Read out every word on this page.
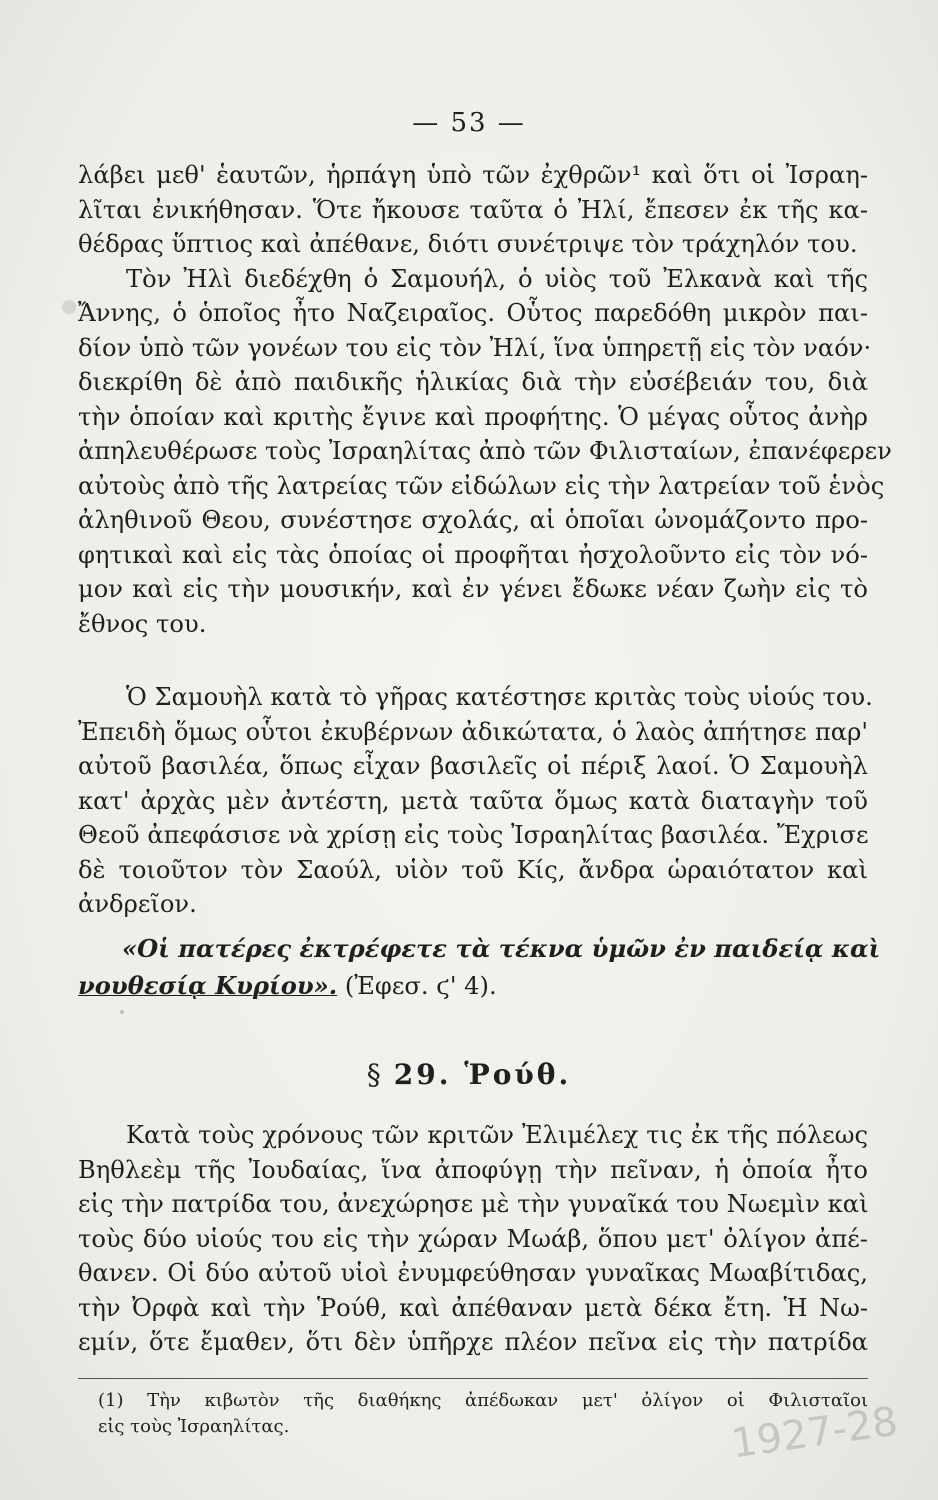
— 53 —
λάβει μεθ' ἑαυτῶν, ἡρπάγη ὑπὸ τῶν ἐχθρῶν¹ καὶ ὅτι οἱ Ἰσραη-
λῖται ἐνικήθησαν. Ὅτε ἤκουσε ταῦτα ὁ Ἠλί, ἔπεσεν ἐκ τῆς κα-
θέδρας ὕπτιος καὶ ἀπέθανε, διότι συνέτριψε τὸν τράχηλόν του.
Τὸν Ἠλὶ διεδέχθη ὁ Σαμουήλ, ὁ υἱὸς τοῦ Ἐλκανὰ καὶ τῆς
Ἄννης, ὁ ὁποῖος ἦτο Ναζειραῖος. Οὗτος παρεδόθη μικρὸν παι-
δίον ὑπὸ τῶν γονέων του εἰς τὸν Ἠλί, ἵνα ὑπηρετῇ εἰς τὸν ναόν·
διεκρίθη δὲ ἀπὸ παιδικῆς ἡλικίας διὰ τὴν εὐσέβειάν του, διὰ
τὴν ὁποίαν καὶ κριτὴς ἔγινε καὶ προφήτης. Ὁ μέγας οὗτος ἀνὴρ
ἀπηλευθέρωσε τοὺς Ἰσραηλίτας ἀπὸ τῶν Φιλισταίων, ἐπανέφερεν
αὐτοὺς ἀπὸ τῆς λατρείας τῶν εἰδώλων εἰς τὴν λατρείαν τοῦ ἑνὸς
ἀληθινοῦ Θεου, συνέστησε σχολάς, αἱ ὁποῖαι ὠνομάζοντο προ-
φητικαὶ καὶ εἰς τὰς ὁποίας οἱ προφῆται ἠσχολοῦντο εἰς τὸν νό-
μον καὶ εἰς τὴν μουσικήν, καὶ ἐν γένει ἔδωκε νέαν ζωὴν εἰς τὸ
ἔθνος του.
Ὁ Σαμουὴλ κατὰ τὸ γῆρας κατέστησε κριτὰς τοὺς υἱούς του.
Ἐπειδὴ ὅμως οὗτοι ἐκυβέρνων ἀδικώτατα, ὁ λαὸς ἀπήτησε παρ'
αὐτοῦ βασιλέα, ὅπως εἶχαν βασιλεῖς οἱ πέριξ λαοί. Ὁ Σαμουὴλ
κατ' ἀρχὰς μὲν ἀντέστη, μετὰ ταῦτα ὅμως κατὰ διαταγὴν τοῦ
Θεοῦ ἀπεφάσισε νὰ χρίσῃ εἰς τοὺς Ἰσραηλίτας βασιλέα. Ἔχρισε
δὲ τοιοῦτον τὸν Σαούλ, υἱὸν τοῦ Κίς, ἄνδρα ὡραιότατον καὶ
ἀνδρεῖον.
«Οἱ πατέρες ἐκτρέφετε τὰ τέκνα ὑμῶν ἐν παιδείᾳ καὶ
νουθεσίᾳ Κυρίου». (Ἐφεσ. ϛ' 4).
§ 29. Ῥούθ.
Κατὰ τοὺς χρόνους τῶν κριτῶν Ἐλιμέλεχ τις ἐκ τῆς πόλεως
Βηθλεὲμ τῆς Ἰουδαίας, ἵνα ἀποφύγῃ τὴν πεῖναν, ἡ ὁποία ἦτο
εἰς τὴν πατρίδα του, ἀνεχώρησε μὲ τὴν γυναῖκά του Νωεμὶν καὶ
τοὺς δύο υἱούς του εἰς τὴν χώραν Μωάβ, ὅπου μετ' ὀλίγον ἀπέ-
θανεν. Οἱ δύο αὐτοῦ υἱοὶ ἐνυμφεύθησαν γυναῖκας Μωαβίτιδας,
τὴν Ὀρφὰ καὶ τὴν Ῥούθ, καὶ ἀπέθαναν μετὰ δέκα ἔτη. Ἡ Νω-
εμίν, ὅτε ἔμαθεν, ὅτι δὲν ὑπῆρχε πλέον πεῖνα εἰς τὴν πατρίδα
(1) Τὴν κιβωτὸν τῆς διαθήκης ἀπέδωκαν μετ' ὀλίγον οἱ Φιλισταῖοι
εἰς τοὺς Ἰσραηλίτας.	1927-28
